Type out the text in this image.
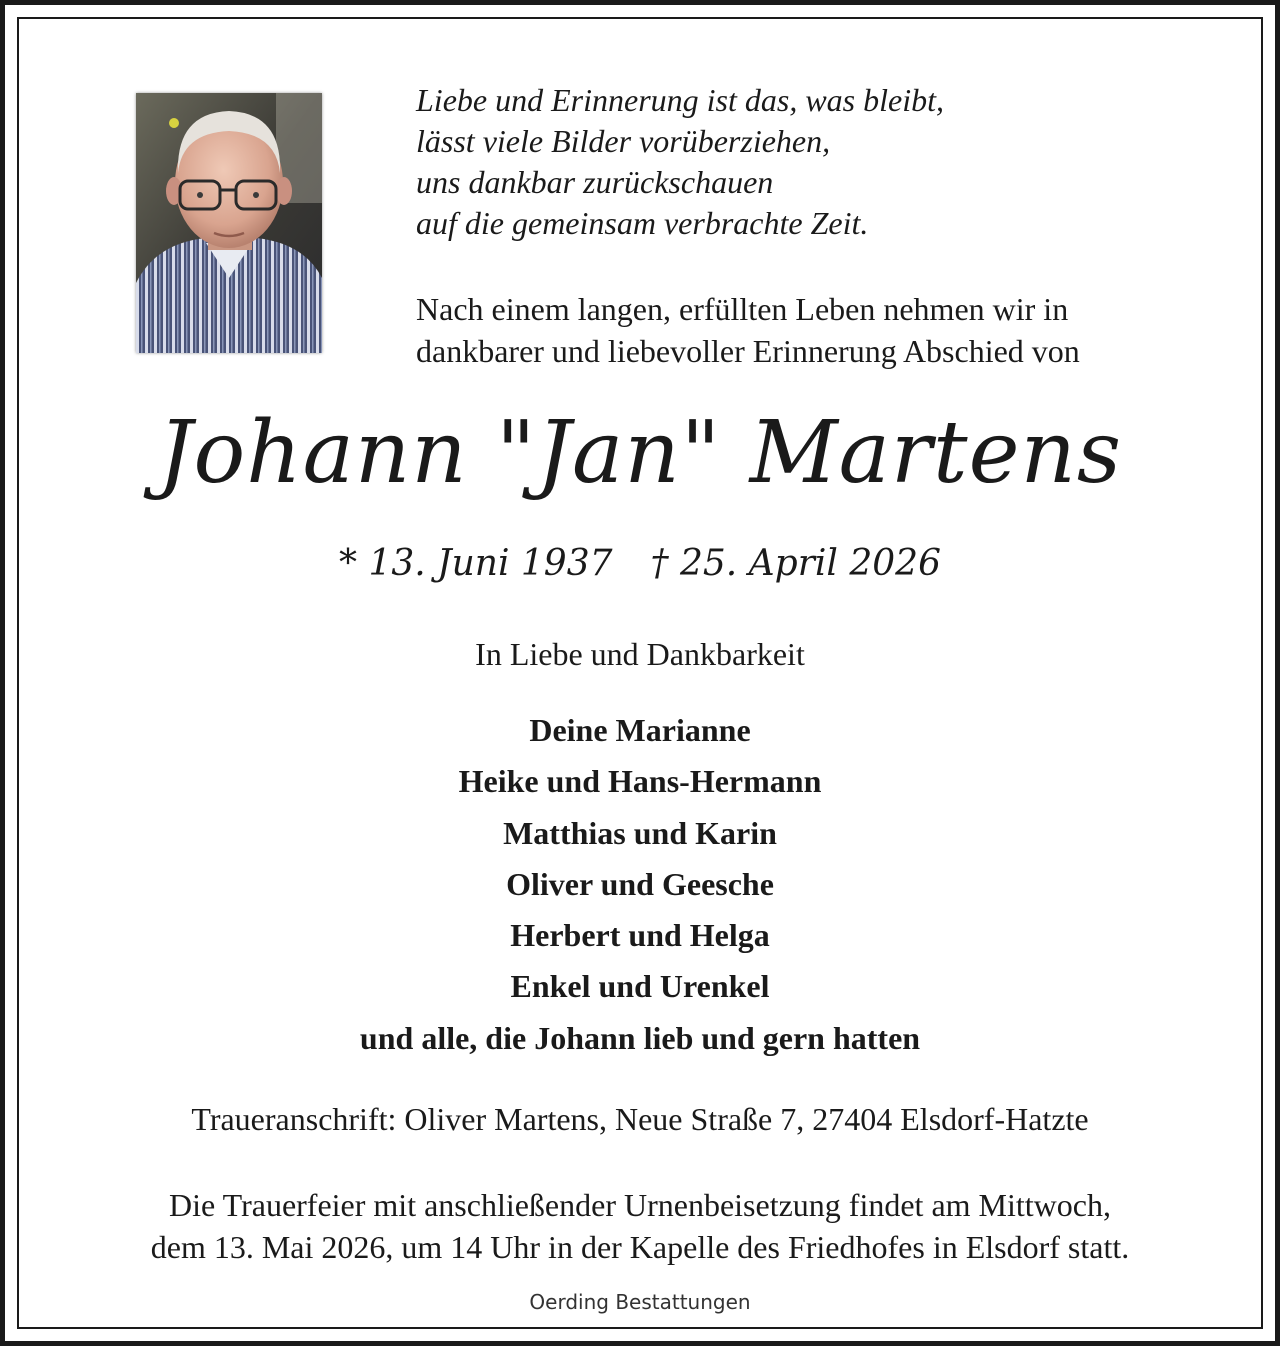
Liebe und Erinnerung ist das, was bleibt,
lässt viele Bilder vorüberziehen,
uns dankbar zurückschauen
auf die gemeinsam verbrachte Zeit.
Nach einem langen, erfüllten Leben nehmen wir in
dankbarer und liebevoller Erinnerung Abschied von
Johann "Jan" Martens
* 13. Juni 1937 † 25. April 2026
In Liebe und Dankbarkeit
Deine Marianne
Heike und Hans-Hermann
Matthias und Karin
Oliver und Geesche
Herbert und Helga
Enkel und Urenkel
und alle, die Johann lieb und gern hatten
Traueranschrift: Oliver Martens, Neue Straße 7, 27404 Elsdorf-Hatzte
Die Trauerfeier mit anschließender Urnenbeisetzung findet am Mittwoch,
dem 13. Mai 2026, um 14 Uhr in der Kapelle des Friedhofes in Elsdorf statt.
Oerding Bestattungen
